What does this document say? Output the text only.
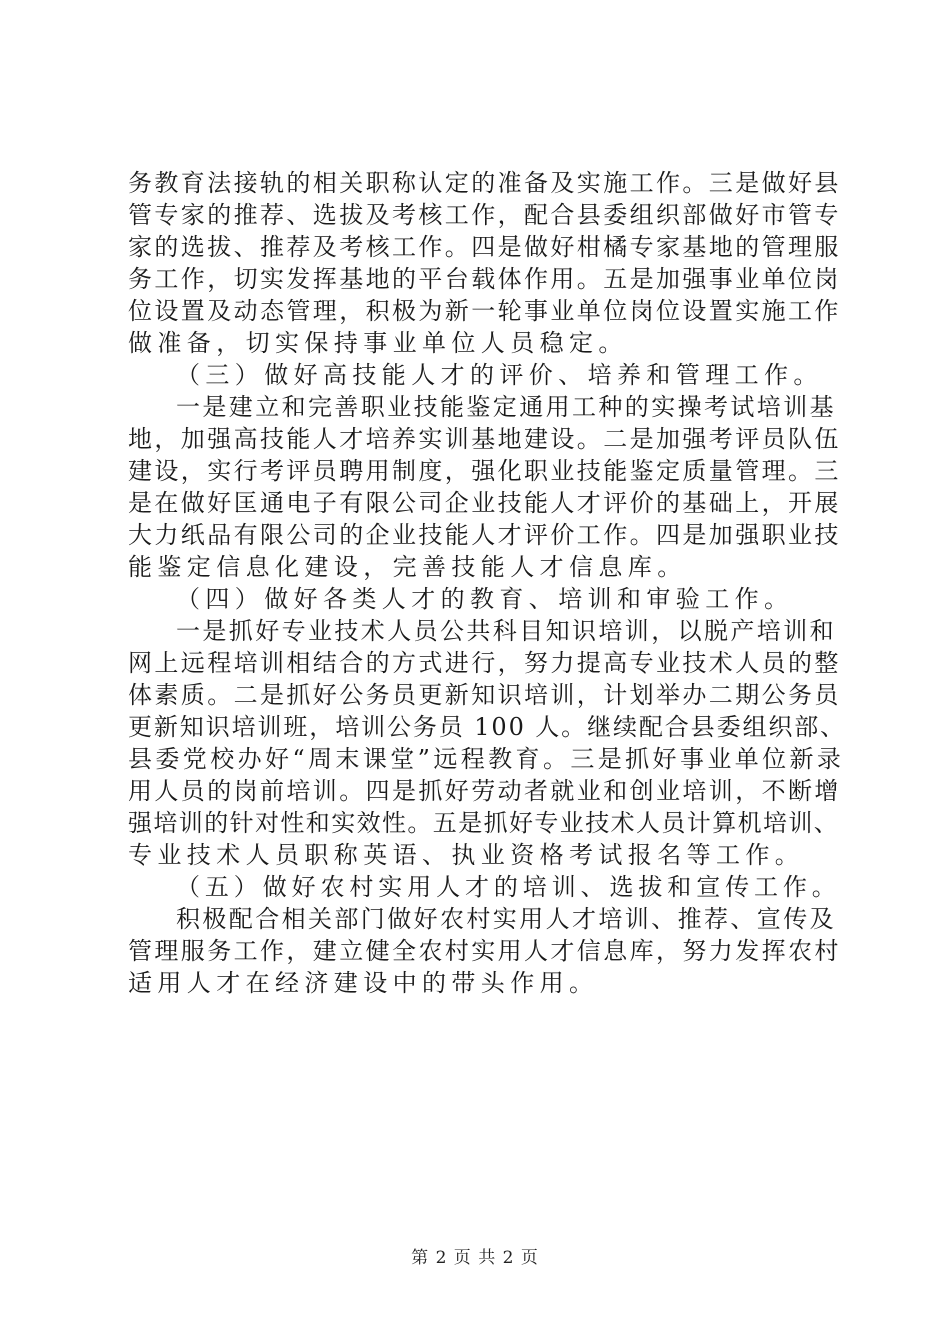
务教育法接轨的相关职称认定的准备及实施工作。三是做好县

管专家的推荐、选拔及考核工作，配合县委组织部做好市管专

家的选拔、推荐及考核工作。四是做好柑橘专家基地的管理服

务工作，切实发挥基地的平台载体作用。五是加强事业单位岗

位设置及动态管理，积极为新一轮事业单位岗位设置实施工作

做准备，切实保持事业单位人员稳定。

（三）做好高技能人才的评价、培养和管理工作。

一是建立和完善职业技能鉴定通用工种的实操考试培训基

地，加强高技能人才培养实训基地建设。二是加强考评员队伍

建设，实行考评员聘用制度，强化职业技能鉴定质量管理。三

是在做好匡通电子有限公司企业技能人才评价的基础上，开展

大力纸品有限公司的企业技能人才评价工作。四是加强职业技

能鉴定信息化建设，完善技能人才信息库。

（四）做好各类人才的教育、培训和审验工作。

一是抓好专业技术人员公共科目知识培训，以脱产培训和

网上远程培训相结合的方式进行，努力提高专业技术人员的整

体素质。二是抓好公务员更新知识培训，计划举办二期公务员

更新知识培训班，培训公务员 100 人。继续配合县委组织部、

县委党校办好“周末课堂”远程教育。三是抓好事业单位新录

用人员的岗前培训。四是抓好劳动者就业和创业培训，不断增

强培训的针对性和实效性。五是抓好专业技术人员计算机培训、

专业技术人员职称英语、执业资格考试报名等工作。

（五）做好农村实用人才的培训、选拔和宣传工作。

积极配合相关部门做好农村实用人才培训、推荐、宣传及

管理服务工作，建立健全农村实用人才信息库，努力发挥农村

适用人才在经济建设中的带头作用。

第 2 页 共 2 页
